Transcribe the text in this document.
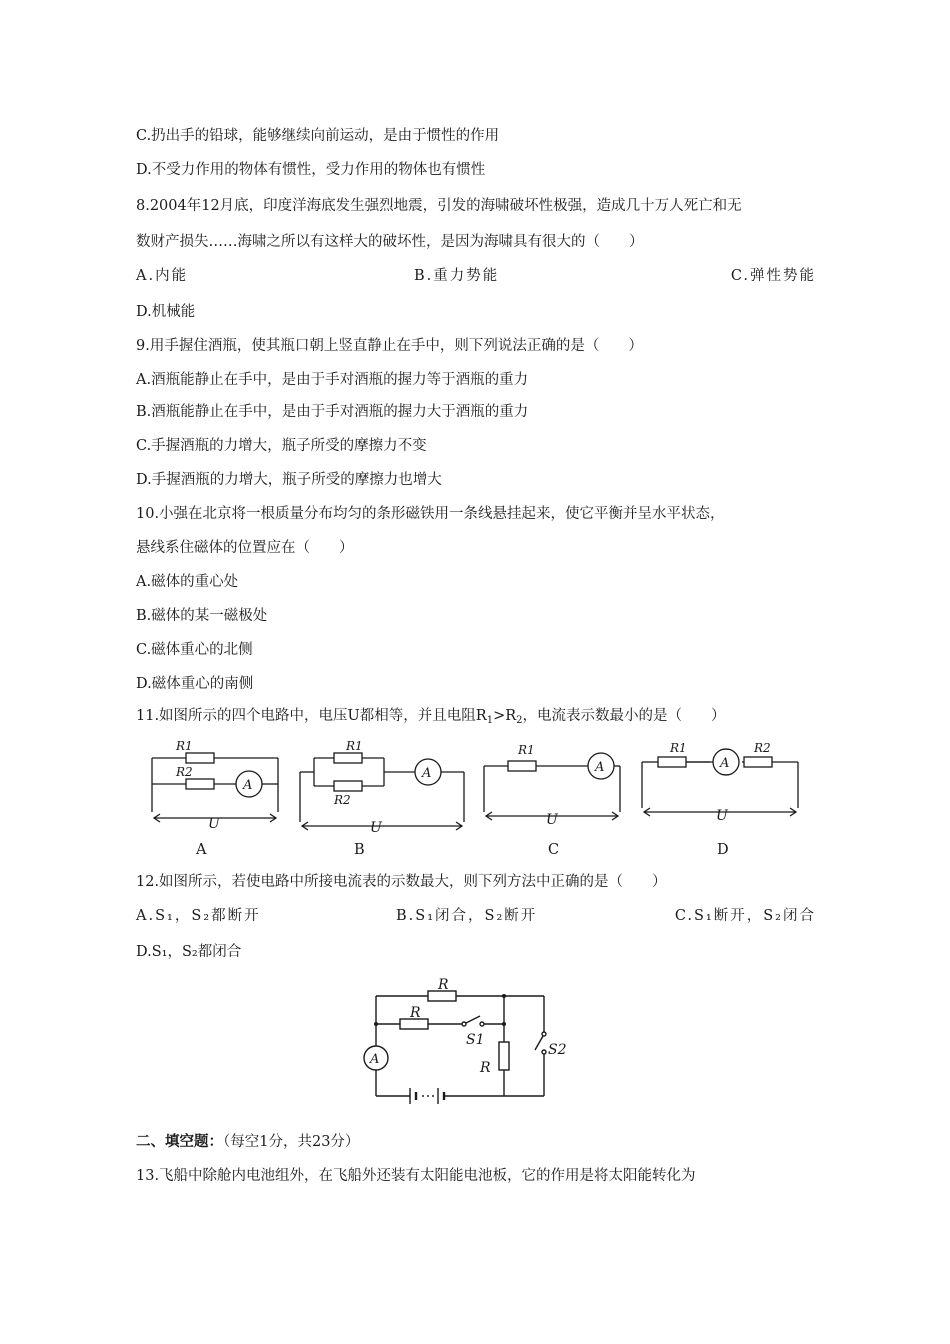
C.扔出手的铅球，能够继续向前运动，是由于惯性的作用
D.不受力作用的物体有惯性，受力作用的物体也有惯性
8.2004年12月底，印度洋海底发生强烈地震，引发的海啸破坏性极强，造成几十万人死亡和无
数财产损失……海啸之所以有这样大的破坏性，是因为海啸具有很大的（　　）
A.内能	B.重力势能	C.弹性势能
D.机械能
9.用手握住酒瓶，使其瓶口朝上竖直静止在手中，则下列说法正确的是（　　）
A.酒瓶能静止在手中，是由于手对酒瓶的握力等于酒瓶的重力
B.酒瓶能静止在手中，是由于手对酒瓶的握力大于酒瓶的重力
C.手握酒瓶的力增大，瓶子所受的摩擦力不变
D.手握酒瓶的力增大，瓶子所受的摩擦力也增大
10.小强在北京将一根质量分布均匀的条形磁铁用一条线悬挂起来，使它平衡并呈水平状态，
悬线系住磁体的位置应在（　　）
A.磁体的重心处
B.磁体的某一磁极处
C.磁体重心的北侧
D.磁体重心的南侧
11.如图所示的四个电路中，电压U都相等，并且电阻$R_1>R_2$，电流表示数最小的是（　　）
R1
R2
A
U
R1
R2
A
U
R1
A
U
R1	R2
A
U
A	B	C	D
12.如图所示，若使电路中所接电流表的示数最大，则下列方法中正确的是（　　）
A.S₁，S₂都断开	B.S₁闭合，S₂断开	C.S₁断开，S₂闭合
D.S₁，S₂都闭合
R
R
R
S1
S2
A
二、填空题：（每空1分，共23分）
13.飞船中除舱内电池组外，在飞船外还装有太阳能电池板，它的作用是将太阳能转化为
